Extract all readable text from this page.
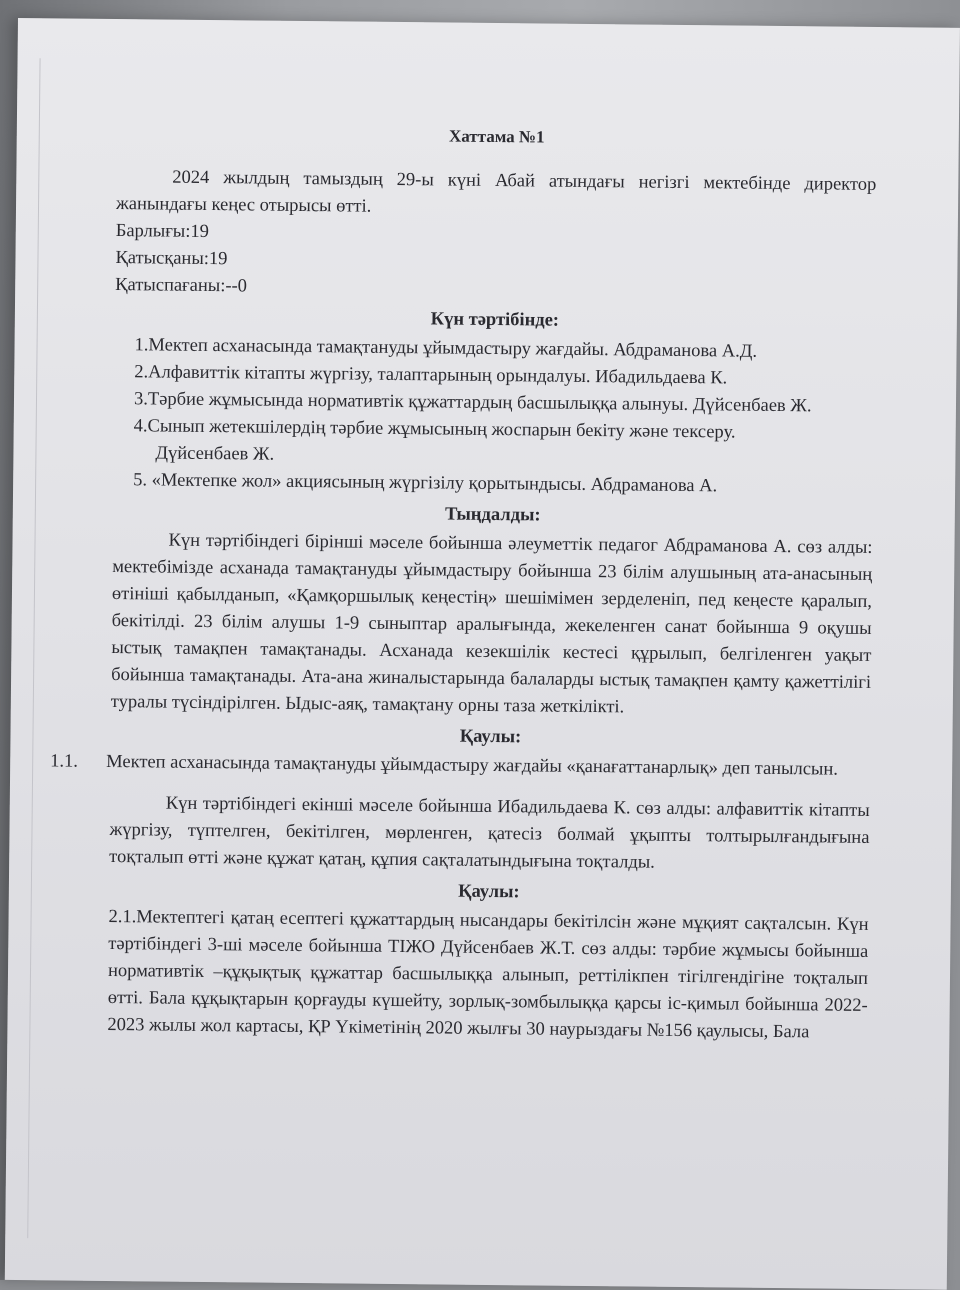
Хаттама №1

2024 жылдың тамыздың 29-ы күні Абай атындағы негізгі мектебінде директор жанындағы кеңес отырысы өтті.

Барлығы:19

Қатысқаны:19

Қатыспағаны:--0

Күн тәртібінде:

1.Мектеп асханасында тамақтануды ұйымдастыру жағдайы. Абдраманова А.Д.

2.Алфавиттік кітапты жүргізу, талаптарының орындалуы. Ибадильдаева К.

3.Тәрбие жұмысында нормативтік құжаттардың басшылыққа алынуы. Дүйсенбаев Ж.

4.Сынып жетекшілердің тәрбие жұмысының жоспарын бекіту және тексеру.

Дүйсенбаев Ж.

5. «Мектепке жол» акциясының жүргізілу қорытындысы. Абдраманова А.

Тыңдалды:

Күн тәртібіндегі бірінші мәселе бойынша әлеуметтік педагог Абдраманова А. сөз алды: мектебімізде асханада тамақтануды ұйымдастыру бойынша 23 білім алушының ата-анасының өтініші қабылданып, «Қамқоршылық кеңестің» шешімімен зерделеніп, пед кеңесте қаралып, бекітілді. 23 білім алушы 1-9 сыныптар аралығында, жекеленген санат бойынша 9 оқушы ыстық тамақпен тамақтанады. Асханада кезекшілік кестесі құрылып, белгіленген уақыт бойынша тамақтанады. Ата-ана жиналыстарында балаларды ыстық тамақпен қамту қажеттілігі туралы түсіндірілген. Ыдыс-аяқ, тамақтану орны таза жеткілікті.

Қаулы:
1.1.	Мектеп асханасында тамақтануды ұйымдастыру жағдайы «қанағаттанарлық» деп танылсын.

Күн тәртібіндегі екінші мәселе бойынша Ибадильдаева К. сөз алды: алфавиттік кітапты жүргізу, түптелген, бекітілген, мөрленген, қатесіз болмай ұқыпты толтырылғандығына тоқталып өтті және құжат қатаң, құпия сақталатындығына тоқталды.

Қаулы:

2.1.Мектептегі қатаң есептегі құжаттардың нысандары бекітілсін және мұқият сақталсын. Күн тәртібіндегі 3-ші мәселе бойынша ТІЖО Дүйсенбаев Ж.Т. сөз алды: тәрбие жұмысы бойынша нормативтік –құқықтық құжаттар басшылыққа алынып, реттілікпен тігілгендігіне тоқталып өтті. Бала құқықтарын қорғауды күшейту, зорлық-зомбылыққа қарсы іс-қимыл бойынша 2022-2023 жылы жол картасы, ҚР Үкіметінің 2020 жылғы 30 наурыздағы №156 қаулысы, Бала
